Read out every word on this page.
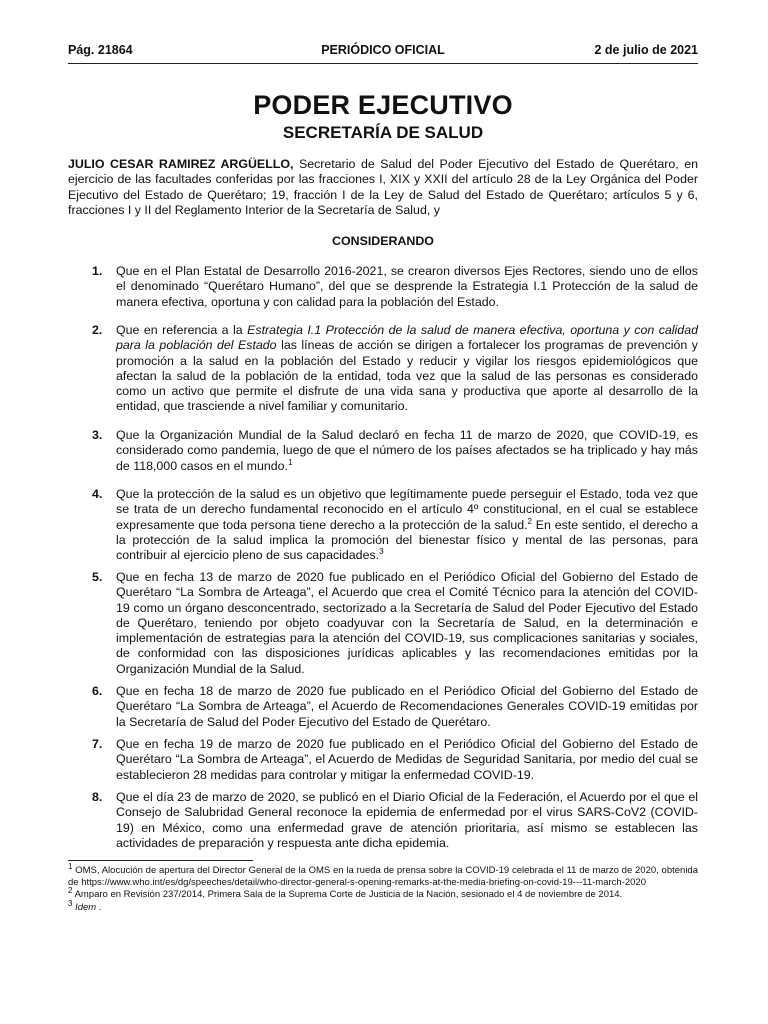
Pág. 21864	PERIÓDICO OFICIAL	2 de julio de 2021
PODER EJECUTIVO
SECRETARÍA DE SALUD
JULIO CESAR RAMIREZ ARGÜELLO, Secretario de Salud del Poder Ejecutivo del Estado de Querétaro, en ejercicio de las facultades conferidas por las fracciones I, XIX y XXII del artículo 28 de la Ley Orgánica del Poder Ejecutivo del Estado de Querétaro; 19, fracción I de la Ley de Salud del Estado de Querétaro; artículos 5 y 6, fracciones I y II del Reglamento Interior de la Secretaría de Salud, y
CONSIDERANDO
1. Que en el Plan Estatal de Desarrollo 2016-2021, se crearon diversos Ejes Rectores, siendo uno de ellos el denominado “Querétaro Humano”, del que se desprende la Estrategia I.1 Protección de la salud de manera efectiva, oportuna y con calidad para la población del Estado.
2. Que en referencia a la Estrategia I.1 Protección de la salud de manera efectiva, oportuna y con calidad para la población del Estado las líneas de acción se dirigen a fortalecer los programas de prevención y promoción a la salud en la población del Estado y reducir y vigilar los riesgos epidemiológicos que afectan la salud de la población de la entidad, toda vez que la salud de las personas es considerado como un activo que permite el disfrute de una vida sana y productiva que aporte al desarrollo de la entidad, que trasciende a nivel familiar y comunitario.
3. Que la Organización Mundial de la Salud declaró en fecha 11 de marzo de 2020, que COVID-19, es considerado como pandemia, luego de que el número de los países afectados se ha triplicado y hay más de 118,000 casos en el mundo.$^1$
4. Que la protección de la salud es un objetivo que legítimamente puede perseguir el Estado, toda vez que se trata de un derecho fundamental reconocido en el artículo 4º constitucional, en el cual se establece expresamente que toda persona tiene derecho a la protección de la salud.$^2$ En este sentido, el derecho a la protección de la salud implica la promoción del bienestar físico y mental de las personas, para contribuir al ejercicio pleno de sus capacidades.$^3$
5. Que en fecha 13 de marzo de 2020 fue publicado en el Periódico Oficial del Gobierno del Estado de Querétaro “La Sombra de Arteaga”, el Acuerdo que crea el Comité Técnico para la atención del COVID-19 como un órgano desconcentrado, sectorizado a la Secretaría de Salud del Poder Ejecutivo del Estado de Querétaro, teniendo por objeto coadyuvar con la Secretaría de Salud, en la determinación e implementación de estrategias para la atención del COVID-19, sus complicaciones sanitarias y sociales, de conformidad con las disposiciones jurídicas aplicables y las recomendaciones emitidas por la Organización Mundial de la Salud.
6. Que en fecha 18 de marzo de 2020 fue publicado en el Periódico Oficial del Gobierno del Estado de Querétaro “La Sombra de Arteaga”, el Acuerdo de Recomendaciones Generales COVID-19 emitidas por la Secretaría de Salud del Poder Ejecutivo del Estado de Querétaro.
7. Que en fecha 19 de marzo de 2020 fue publicado en el Periódico Oficial del Gobierno del Estado de Querétaro “La Sombra de Arteaga”, el Acuerdo de Medidas de Seguridad Sanitaria, por medio del cual se establecieron 28 medidas para controlar y mitigar la enfermedad COVID-19.
8. Que el día 23 de marzo de 2020, se publicó en el Diario Oficial de la Federación, el Acuerdo por el que el Consejo de Salubridad General reconoce la epidemia de enfermedad por el virus SARS-CoV2 (COVID-19) en México, como una enfermedad grave de atención prioritaria, así mismo se establecen las actividades de preparación y respuesta ante dicha epidemia.

$^1$ OMS, Alocución de apertura del Director General de la OMS en la rueda de prensa sobre la COVID-19 celebrada el 11 de marzo de 2020, obtenida de https://www.who.int/es/dg/speeches/detail/who-director-general-s-opening-remarks-at-the-media-briefing-on-covid-19---11-march-2020

$^2$ Amparo en Revisión 237/2014, Primera Sala de la Suprema Corte de Justicia de la Nación, sesionado el 4 de noviembre de 2014.

$^3$ Idem .
